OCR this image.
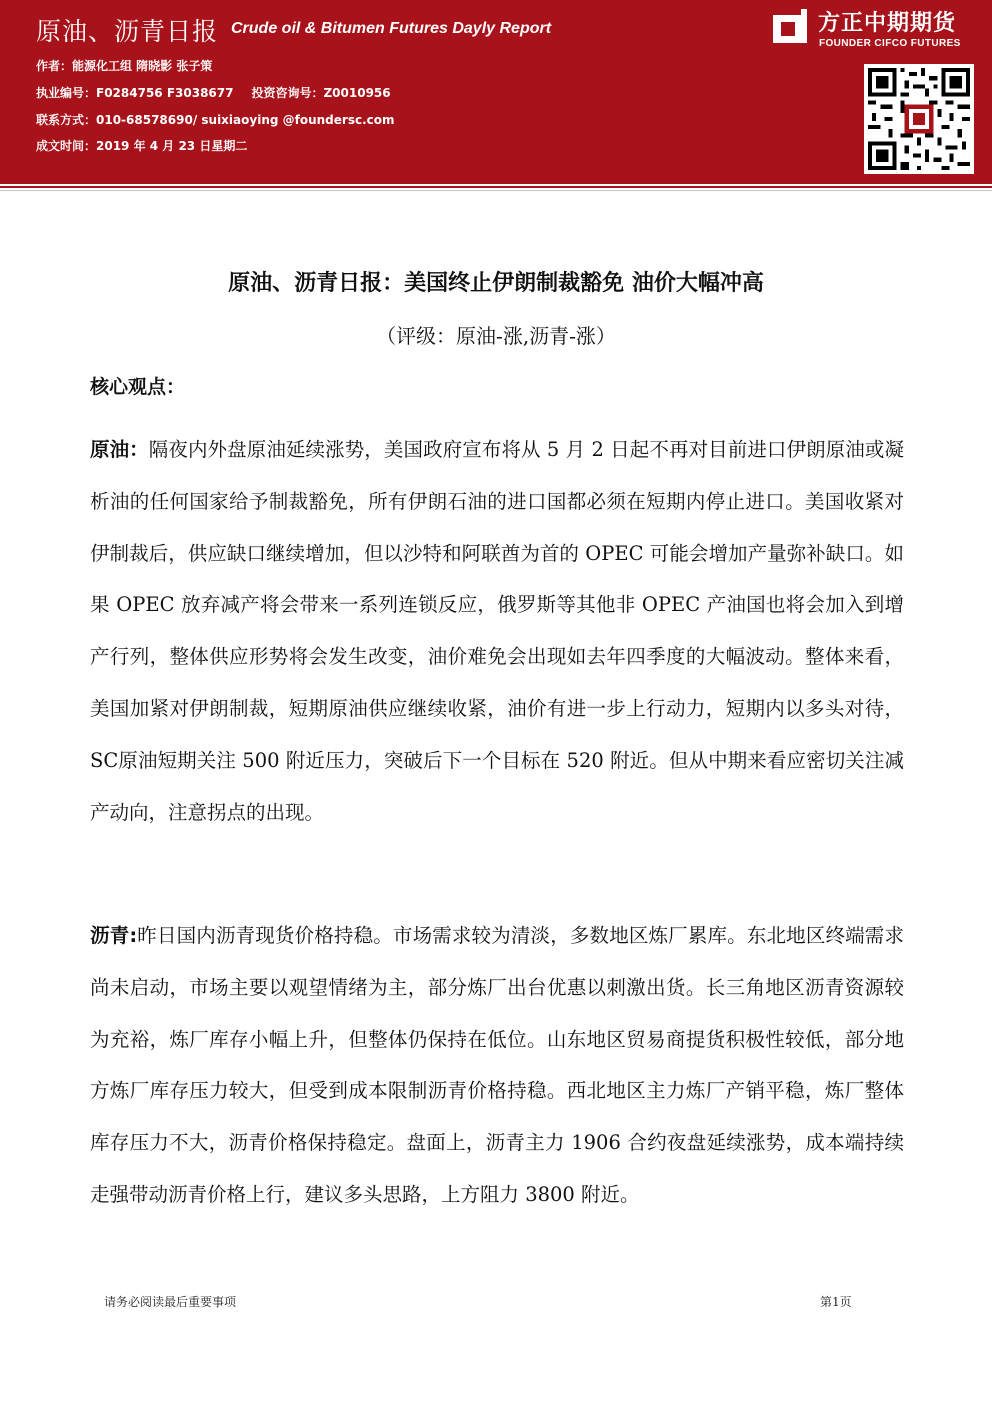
原油、沥青日报 Crude oil & Bitumen Futures Dayly Report
作者：能源化工组 隋晓影 张子策
执业编号：F0284756 F3038677 投资咨询号：Z0010956
联系方式：010-68578690/ suixiaoying @foundersc.com
成文时间：2019 年 4 月 23 日星期二
方正中期期货
FOUNDER CIFCO FUTURES
原油、沥青日报：美国终止伊朗制裁豁免 油价大幅冲高
（评级：原油-涨,沥青-涨）
核心观点：
原油：隔夜内外盘原油延续涨势，美国政府宣布将从 5 月 2 日起不再对目前进口伊朗原油或凝析油的任何国家给予制裁豁免，所有伊朗石油的进口国都必须在短期内停止进口。美国收紧对伊制裁后，供应缺口继续增加，但以沙特和阿联酋为首的 OPEC 可能会增加产量弥补缺口。如果 OPEC 放弃减产将会带来一系列连锁反应，俄罗斯等其他非 OPEC 产油国也将会加入到增产行列，整体供应形势将会发生改变，油价难免会出现如去年四季度的大幅波动。整体来看，美国加紧对伊朗制裁，短期原油供应继续收紧，油价有进一步上行动力，短期内以多头对待，SC原油短期关注 500 附近压力，突破后下一个目标在 520 附近。但从中期来看应密切关注减产动向，注意拐点的出现。
沥青:昨日国内沥青现货价格持稳。市场需求较为清淡，多数地区炼厂累库。东北地区终端需求尚未启动，市场主要以观望情绪为主，部分炼厂出台优惠以刺激出货。长三角地区沥青资源较为充裕，炼厂库存小幅上升，但整体仍保持在低位。山东地区贸易商提货积极性较低，部分地方炼厂库存压力较大，但受到成本限制沥青价格持稳。西北地区主力炼厂产销平稳，炼厂整体库存压力不大，沥青价格保持稳定。盘面上，沥青主力 1906 合约夜盘延续涨势，成本端持续走强带动沥青价格上行，建议多头思路，上方阻力 3800 附近。
请务必阅读最后重要事项	第1页
